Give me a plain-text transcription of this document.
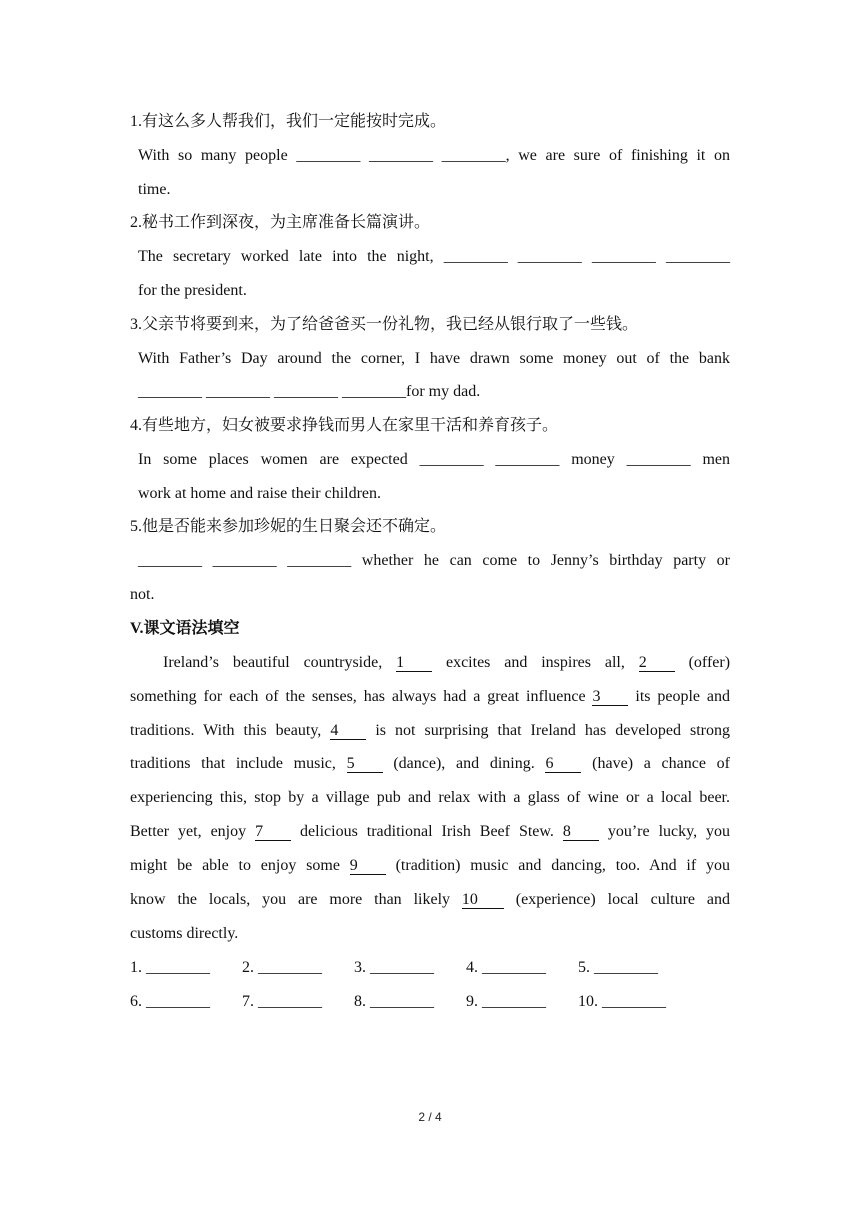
1.有这么多人帮我们，我们一定能按时完成。
With so many people ________ ________ ________, we are sure of finishing it on
time.
2.秘书工作到深夜，为主席准备长篇演讲。
The secretary worked late into the night, ________ ________ ________ ________
for the president.
3.父亲节将要到来，为了给爸爸买一份礼物，我已经从银行取了一些钱。
With Father’s Day around the corner, I have drawn some money out of the bank
________ ________ ________ ________for my dad.
4.有些地方，妇女被要求挣钱而男人在家里干活和养育孩子。
In some places women are expected ________ ________ money ________ men
work at home and raise their children.
5.他是否能来参加珍妮的生日聚会还不确定。
________ ________ ________ whether he can come to Jenny’s birthday party or
not.
V.课文语法填空
Ireland’s beautiful countryside, 1	excites and inspires all, 2	(offer)
something for each of the senses, has always had a great influence 3 its people and
traditions. With this beauty, 4 is not surprising that Ireland has developed strong
traditions that include music, 5 (dance), and dining. 6 (have) a chance of
experiencing this, stop by a village pub and relax with a glass of wine or a local beer.
Better yet, enjoy 7 delicious traditional Irish Beef Stew. 8 you’re lucky, you
might be able to enjoy some 9 (tradition) music and dancing, too. And if you
know the locals, you are more than likely 10 (experience) local culture and
customs directly.
1. ________ 2. ________ 3. ________ 4. ________ 5. ________
6. ________ 7. ________ 8. ________ 9. ________ 10. ________
2 / 4
